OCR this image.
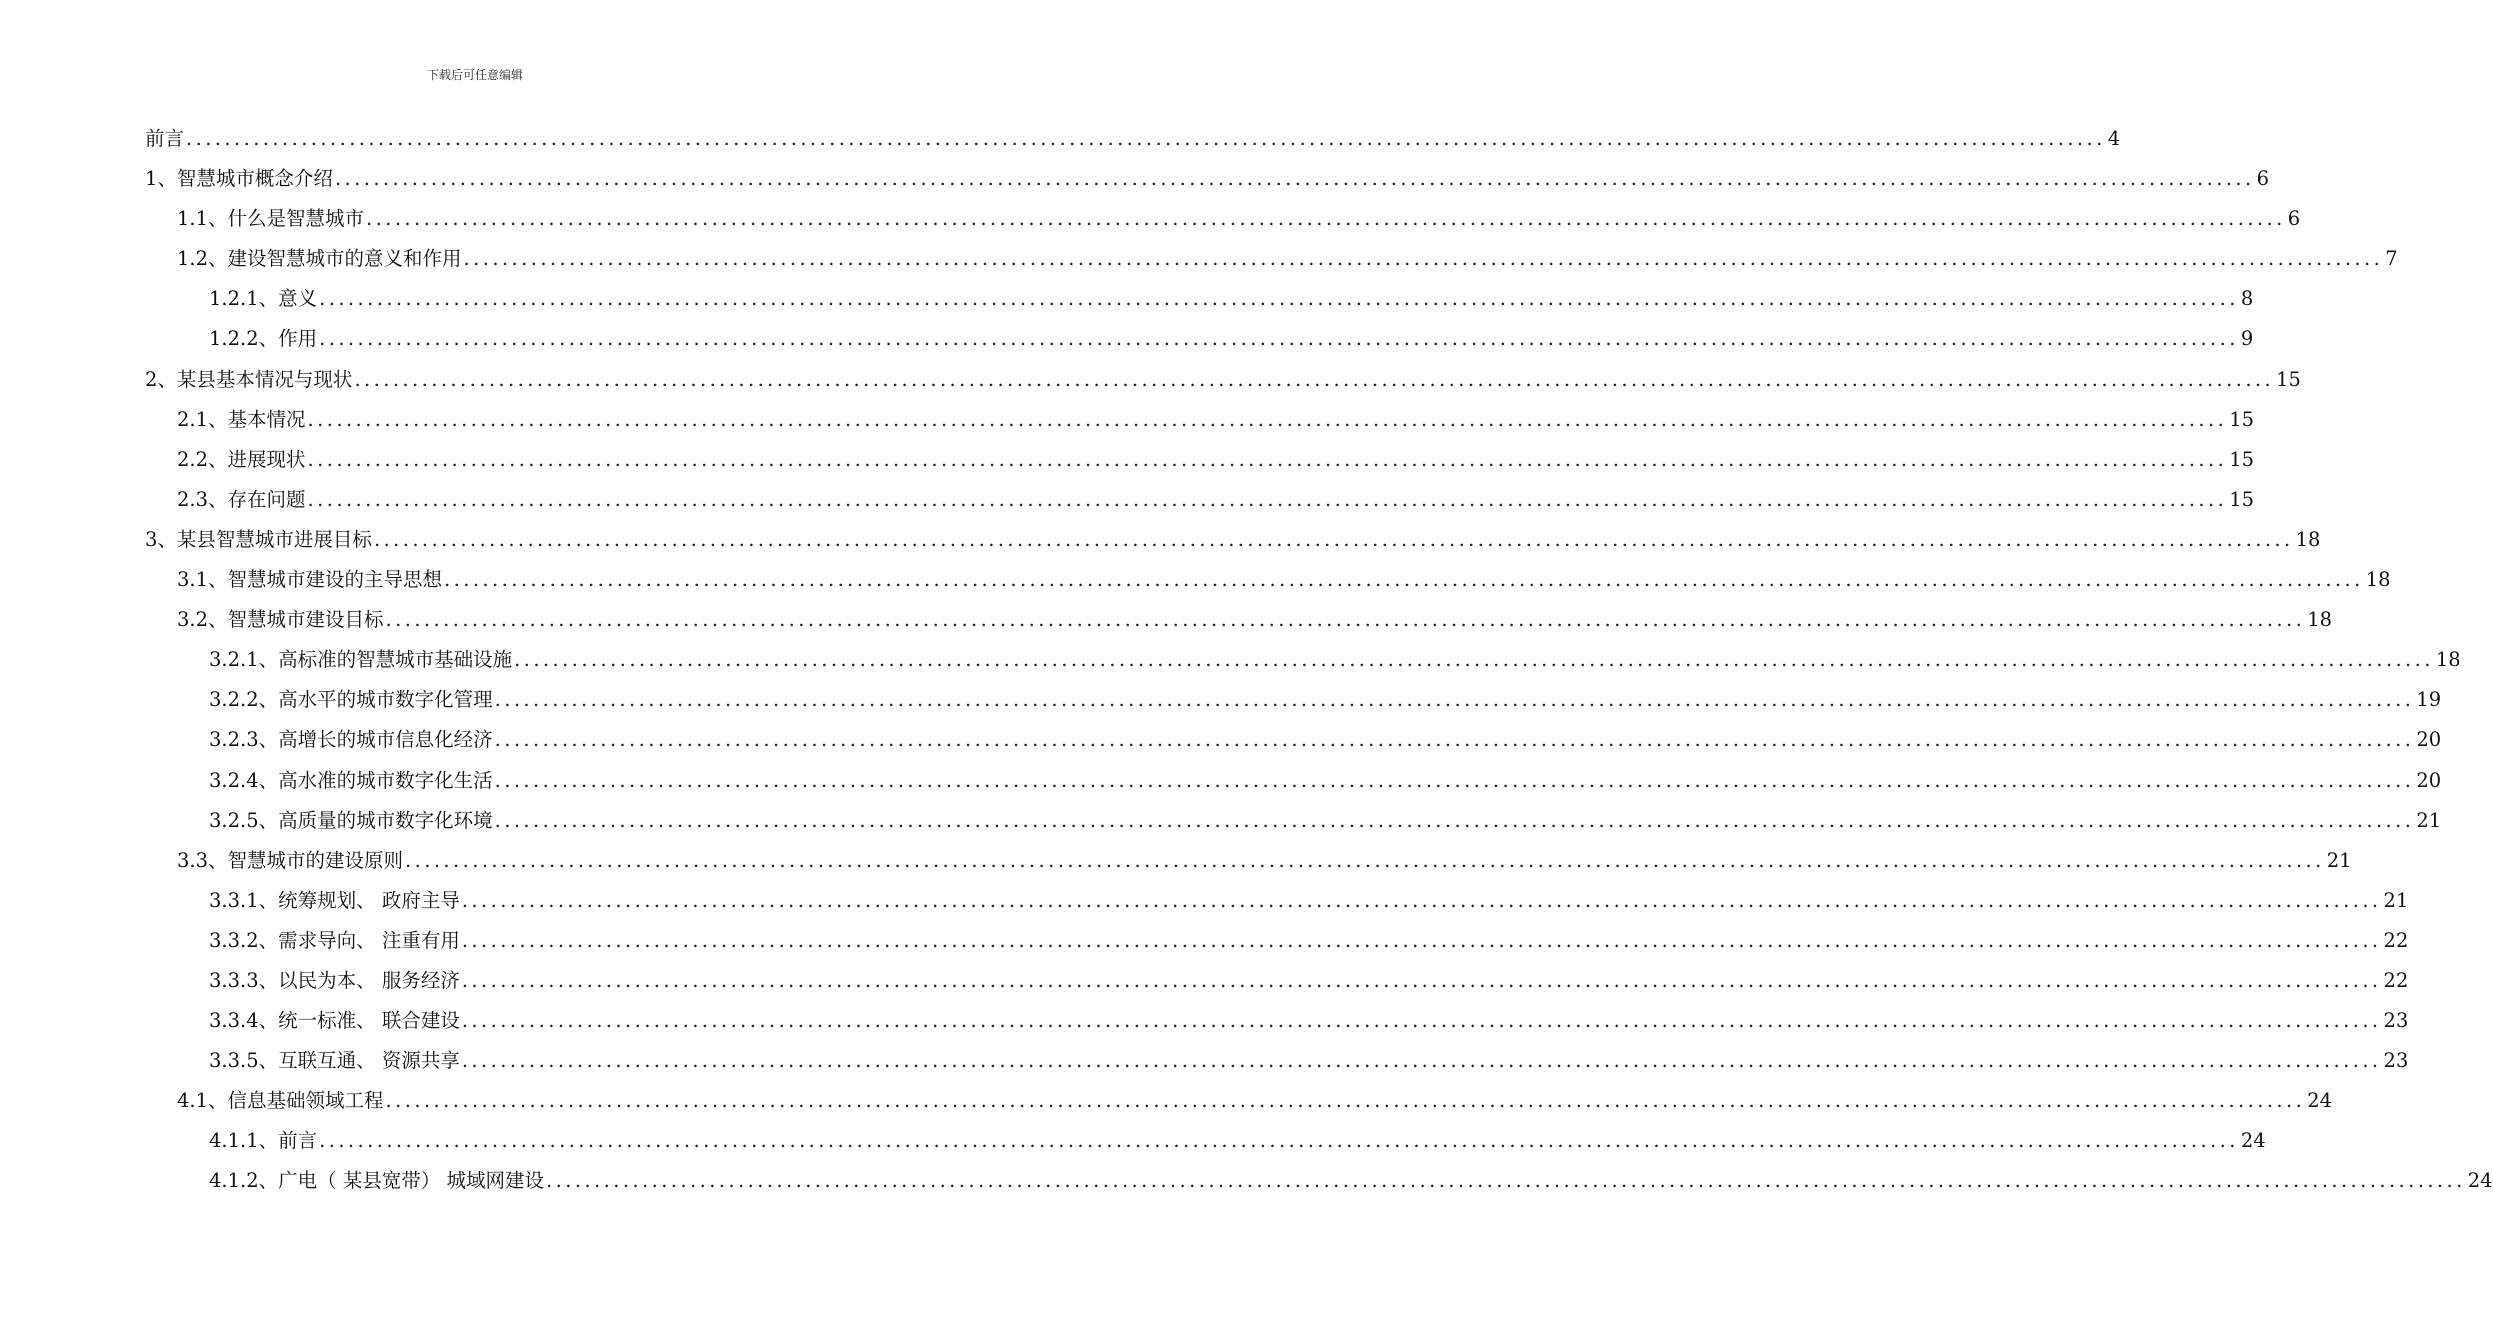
下载后可任意编辑
前言 ........................................................................................................................................................................................................ 4
1、 智慧城市概念介绍 ........................................................................................................................................................................................................ 6
1.1、 什么是智慧城市 ........................................................................................................................................................................................................ 6
1.2、 建设智慧城市的意义和作用 ........................................................................................................................................................................................................ 7
1.2.1、 意义 ........................................................................................................................................................................................................ 8
1.2.2、 作用 ........................................................................................................................................................................................................ 9
2、 某县基本情况与现状 ........................................................................................................................................................................................................ 15
2.1、 基本情况 ........................................................................................................................................................................................................ 15
2.2、 进展现状 ........................................................................................................................................................................................................ 15
2.3、 存在问题 ........................................................................................................................................................................................................ 15
3、 某县智慧城市进展目标 ........................................................................................................................................................................................................ 18
3.1、 智慧城市建设的主导思想 ........................................................................................................................................................................................................ 18
3.2、 智慧城市建设目标 ........................................................................................................................................................................................................ 18
3.2.1、 高标准的智慧城市基础设施 ........................................................................................................................................................................................................ 18
3.2.2、 高水平的城市数字化管理 ........................................................................................................................................................................................................ 19
3.2.3、 高增长的城市信息化经济 ........................................................................................................................................................................................................ 20
3.2.4、 高水准的城市数字化生活 ........................................................................................................................................................................................................ 20
3.2.5、 高质量的城市数字化环境 ........................................................................................................................................................................................................ 21
3.3、 智慧城市的建设原则 ........................................................................................................................................................................................................ 21
3.3.1、 统筹规划、 政府主导 ........................................................................................................................................................................................................ 21
3.3.2、 需求导向、 注重有用 ........................................................................................................................................................................................................ 22
3.3.3、 以民为本、 服务经济 ........................................................................................................................................................................................................ 22
3.3.4、 统一标准、 联合建设 ........................................................................................................................................................................................................ 23
3.3.5、 互联互通、 资源共享 ........................................................................................................................................................................................................ 23
4.1、 信息基础领域工程 ........................................................................................................................................................................................................ 24
4.1.1、 前言 ........................................................................................................................................................................................................ 24
4.1.2、 广电（ 某县宽带） 城域网建设 ........................................................................................................................................................................................................ 24
